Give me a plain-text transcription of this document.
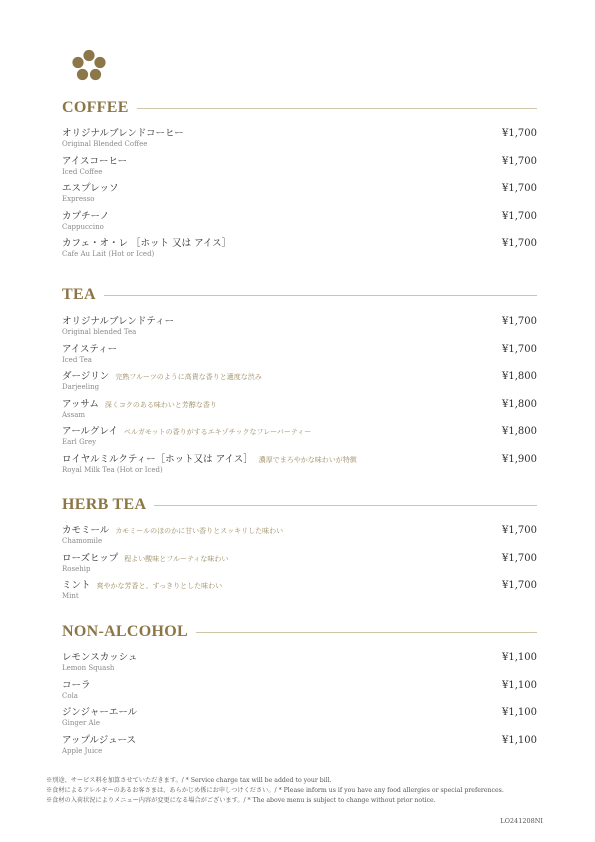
COFFEE
オリジナルブレンドコーヒー
Original Blended Coffee
¥1,700
アイスコーヒー
Iced Coffee
¥1,700
エスプレッソ
Expresso
¥1,700
カプチーノ
Cappuccino
¥1,700
カフェ・オ・レ ［ホット 又は アイス］
Cafe Au Lait (Hot or Iced)
¥1,700
TEA
オリジナルブレンドティー
Original blended Tea
¥1,700
アイスティー
Iced Tea
¥1,700
ダージリン 完熟フルーツのように高貴な香りと適度な渋み
Darjeeling
¥1,800
アッサム 深くコクのある味わいと芳醇な香り
Assam
¥1,800
アールグレイ ベルガモットの香りがするエキゾチックなフレーバーティー
Earl Grey
¥1,800
ロイヤルミルクティー［ホット又は アイス］ 濃厚でまろやかな味わいが特徴
Royal Milk Tea (Hot or Iced)
¥1,900
HERB TEA
カモミール カモミールのほのかに甘い香りとスッキリした味わい
Chamomile
¥1,700
ローズヒップ 程よい酸味とフルーティな味わい
Rosehip
¥1,700
ミント 爽やかな芳香と、すっきりとした味わい
Mint
¥1,700
NON-ALCOHOL
レモンスカッシュ
Lemon Squash
¥1,100
コーラ
Cola
¥1,100
ジンジャーエール
Ginger Ale
¥1,100
アップルジュース
Apple Juice
¥1,100
※別途、サービス料を加算させていただきます。/ * Service charge tax will be added to your bill.
※食材によるアレルギーのあるお客さまは、あらかじめ係にお申しつけください。/ * Please inform us if you have any food allergies or special preferences.
※食材の入荷状況によりメニュー内容が変更になる場合がございます。/ * The above menu is subject to change without prior notice.
LO241208NI
